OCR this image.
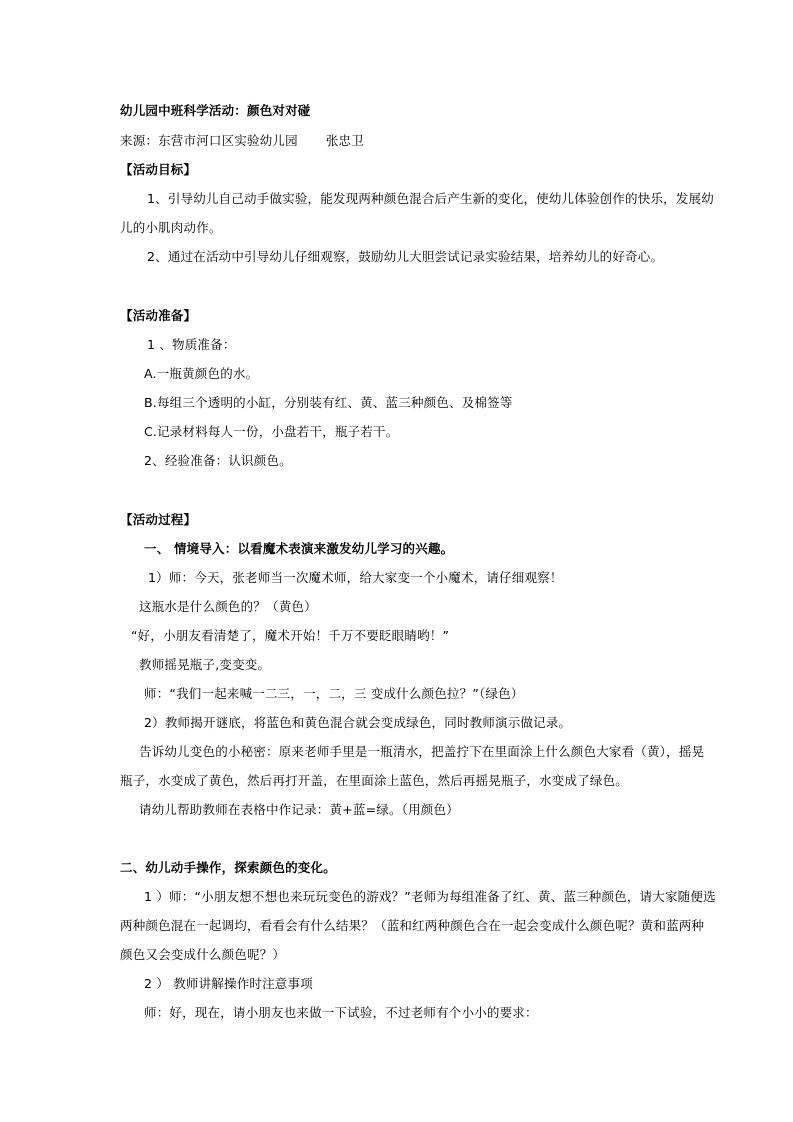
幼儿园中班科学活动：颜色对对碰
来源：东营市河口区实验幼儿园 张忠卫
【活动目标】
1、引导幼儿自己动手做实验，能发现两种颜色混合后产生新的变化，使幼儿体验创作的快乐，发展幼
儿的小肌肉动作。
2、通过在活动中引导幼儿仔细观察，鼓励幼儿大胆尝试记录实验结果，培养幼儿的好奇心。
【活动准备】
1 、物质准备：
A.一瓶黄颜色的水。
B.每组三个透明的小缸，分别装有红、黄、蓝三种颜色、及棉签等
C.记录材料每人一份，小盘若干，瓶子若干。
2、经验准备：认识颜色。
【活动过程】
一、 情境导入：以看魔术表演来激发幼儿学习的兴趣。
1）师：今天，张老师当一次魔术师，给大家变一个小魔术，请仔细观察！
这瓶水是什么颜色的？（黄色）
“好，小朋友看清楚了，魔术开始！千万不要眨眼睛哟！”
教师摇晃瓶子,变变变。
师：“我们一起来喊一二三，一，二，三 变成什么颜色拉？”（绿色）
2）教师揭开谜底，将蓝色和黄色混合就会变成绿色，同时教师演示做记录。
告诉幼儿变色的小秘密：原来老师手里是一瓶清水，把盖拧下在里面涂上什么颜色大家看（黄），摇晃
瓶子，水变成了黄色，然后再打开盖，在里面涂上蓝色，然后再摇晃瓶子，水变成了绿色。
请幼儿帮助教师在表格中作记录：黄+蓝=绿。（用颜色）
二、幼儿动手操作，探索颜色的变化。
1 ）师：“小朋友想不想也来玩玩变色的游戏？”老师为每组准备了红、黄、蓝三种颜色，请大家随便选
两种颜色混在一起调均，看看会有什么结果？（蓝和红两种颜色合在一起会变成什么颜色呢？黄和蓝两种
颜色又会变成什么颜色呢？）
2 ） 教师讲解操作时注意事项
师：好，现在，请小朋友也来做一下试验，不过老师有个小小的要求：
